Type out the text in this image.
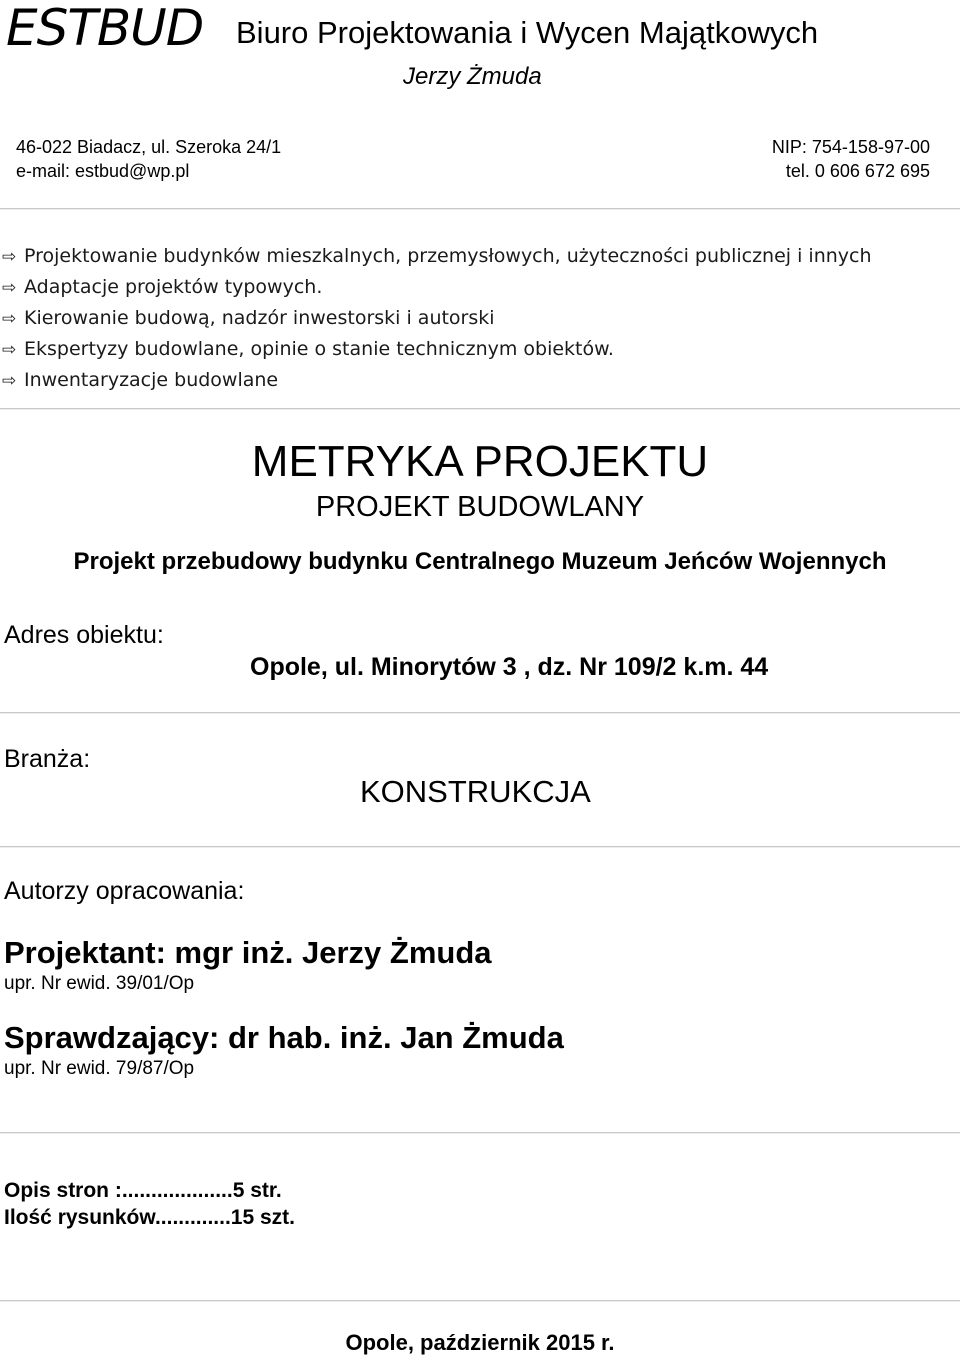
ESTBUD Biuro Projektowania i Wycen Majątkowych
Jerzy Żmuda
46-022 Biadacz, ul. Szeroka 24/1
e-mail: estbud@wp.pl
NIP: 754-158-97-00
tel. 0 606 672 695
⇨ Projektowanie budynków mieszkalnych, przemysłowych, użyteczności publicznej i innych
⇨ Adaptacje projektów typowych.
⇨ Kierowanie budową, nadzór inwestorski i autorski
⇨ Ekspertyzy budowlane, opinie o stanie technicznym obiektów.
⇨ Inwentaryzacje budowlane
METRYKA PROJEKTU
PROJEKT BUDOWLANY
Projekt przebudowy budynku Centralnego Muzeum Jeńców Wojennych
Adres obiektu:
Opole, ul. Minorytów 3 , dz. Nr 109/2 k.m. 44
Branża:
KONSTRUKCJA
Autorzy opracowania:
Projektant: mgr inż. Jerzy Żmuda
upr. Nr ewid. 39/01/Op
Sprawdzający: dr hab. inż. Jan Żmuda
upr. Nr ewid. 79/87/Op
Opis stron :...................5 str.
Ilość rysunków.............15 szt.
Opole, październik 2015 r.
